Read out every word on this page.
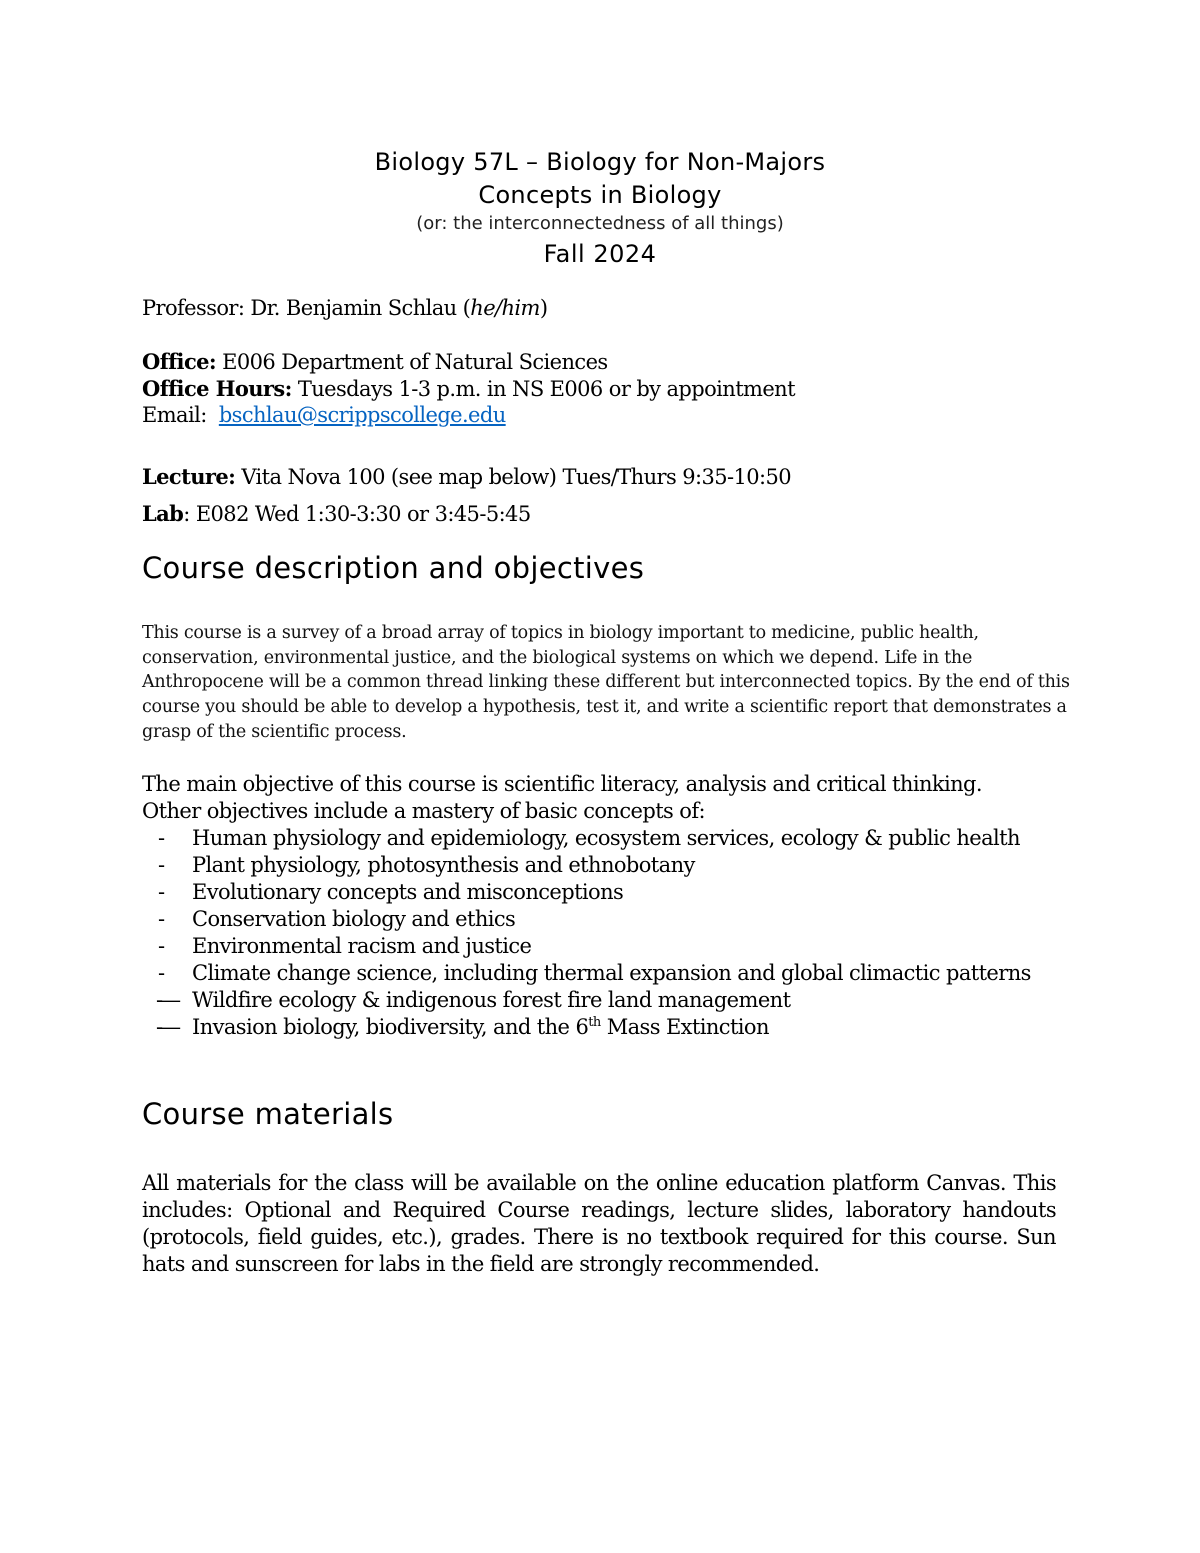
Biology 57L – Biology for Non-Majors
Concepts in Biology
(or: the interconnectedness of all things)
Fall 2024
Professor: Dr. Benjamin Schlau (he/him)
Office: E006 Department of Natural Sciences
Office Hours: Tuesdays 1-3 p.m. in NS E006 or by appointment
Email:  bschlau@scrippscollege.edu
Lecture: Vita Nova 100 (see map below) Tues/Thurs 9:35-10:50
Lab: E082 Wed 1:30-3:30 or 3:45-5:45
Course description and objectives

This course is a survey of a broad array of topics in biology important to medicine, public health, conservation, environmental justice, and the biological systems on which we depend. Life in the Anthropocene will be a common thread linking these different but interconnected topics. By the end of this course you should be able to develop a hypothesis, test it, and write a scientific report that demonstrates a grasp of the scientific process.

The main objective of this course is scientific literacy, analysis and critical thinking.
Other objectives include a mastery of basic concepts of:
- Human physiology and epidemiology, ecosystem services, ecology & public health
- Plant physiology, photosynthesis and ethnobotany
- Evolutionary concepts and misconceptions
- Conservation biology and ethics
- Environmental racism and justice
- Climate change science, including thermal expansion and global climactic patterns
-— Wildfire ecology & indigenous forest fire land management
-— Invasion biology, biodiversity, and the 6th Mass Extinction
Course materials
All materials for the class will be available on the online education platform Canvas. This includes: Optional and Required Course readings, lecture slides, laboratory handouts (protocols, field guides, etc.), grades. There is no textbook required for this course. Sun hats and sunscreen for labs in the field are strongly recommended.
